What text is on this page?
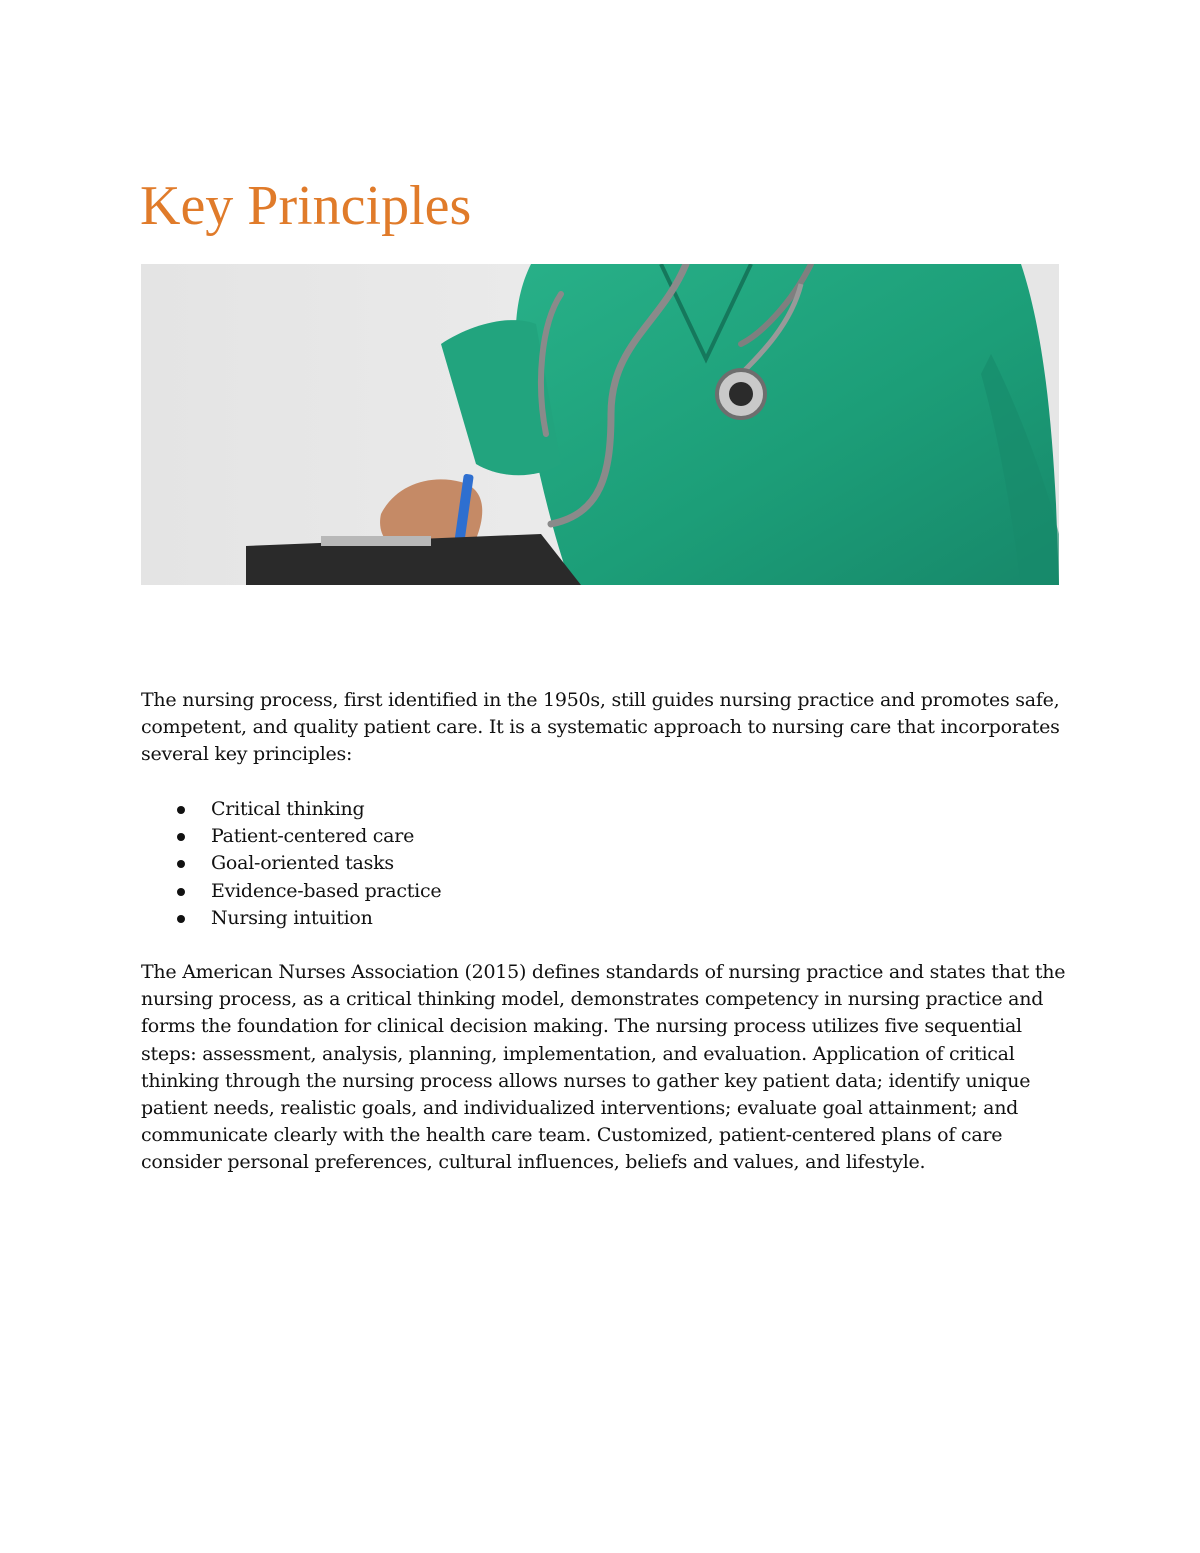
Key Principles

The nursing process, first identified in the 1950s, still guides nursing practice and promotes safe, competent, and quality patient care. It is a systematic approach to nursing care that incorporates several key principles:

Critical thinking
Patient-centered care
Goal-oriented tasks
Evidence-based practice
Nursing intuition

The American Nurses Association (2015) defines standards of nursing practice and states that the nursing process, as a critical thinking model, demonstrates competency in nursing practice and forms the foundation for clinical decision making. The nursing process utilizes five sequential steps: assessment, analysis, planning, implementation, and evaluation. Application of critical thinking through the nursing process allows nurses to gather key patient data; identify unique patient needs, realistic goals, and individualized interventions; evaluate goal attainment; and communicate clearly with the health care team. Customized, patient-centered plans of care consider personal preferences, cultural influences, beliefs and values, and lifestyle.
